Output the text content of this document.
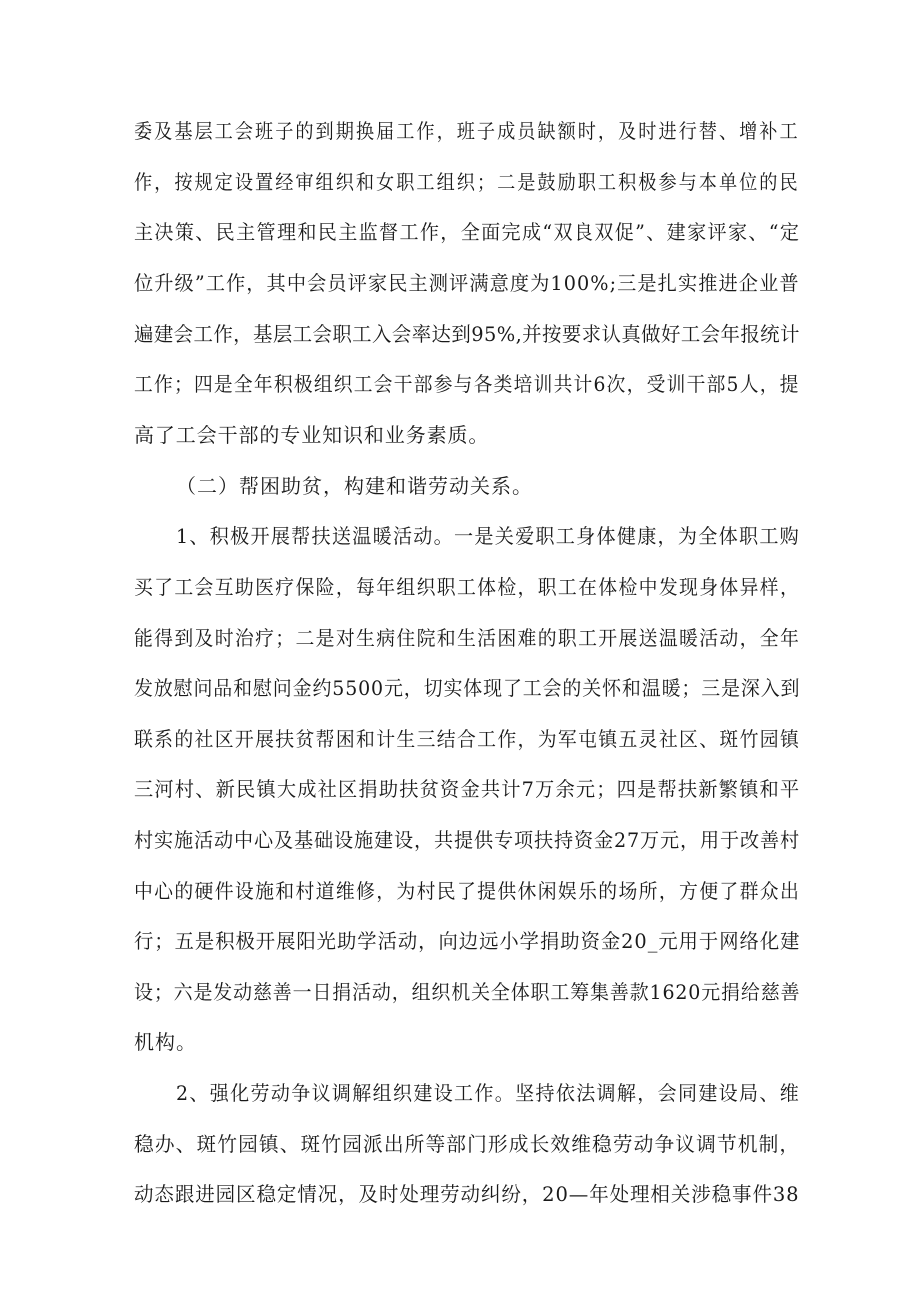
委及基层工会班子的到期换届工作，班子成员缺额时，及时进行替、增补工
作，按规定设置经审组织和女职工组织；二是鼓励职工积极参与本单位的民
主决策、民主管理和民主监督工作，全面完成“双良双促”、建家评家、“定
位升级”工作，其中会员评家民主测评满意度为100%;三是扎实推进企业普
遍建会工作，基层工会职工入会率达到95%,并按要求认真做好工会年报统计
工作；四是全年积极组织工会干部参与各类培训共计6次，受训干部5人，提
高了工会干部的专业知识和业务素质。
（二）帮困助贫，构建和谐劳动关系。
1、积极开展帮扶送温暖活动。一是关爱职工身体健康，为全体职工购
买了工会互助医疗保险，每年组织职工体检，职工在体检中发现身体异样，
能得到及时治疗；二是对生病住院和生活困难的职工开展送温暖活动，全年
发放慰问品和慰问金约5500元，切实体现了工会的关怀和温暖；三是深入到
联系的社区开展扶贫帮困和计生三结合工作，为军屯镇五灵社区、斑竹园镇
三河村、新民镇大成社区捐助扶贫资金共计7万余元；四是帮扶新繁镇和平
村实施活动中心及基础设施建设，共提供专项扶持资金27万元，用于改善村
中心的硬件设施和村道维修，为村民了提供休闲娱乐的场所，方便了群众出
行；五是积极开展阳光助学活动，向边远小学捐助资金20_元用于网络化建
设；六是发动慈善一日捐活动，组织机关全体职工筹集善款1620元捐给慈善
机构。
2、强化劳动争议调解组织建设工作。坚持依法调解，会同建设局、维
稳办、斑竹园镇、斑竹园派出所等部门形成长效维稳劳动争议调节机制，
动态跟进园区稳定情况，及时处理劳动纠纷，20—年处理相关涉稳事件38
